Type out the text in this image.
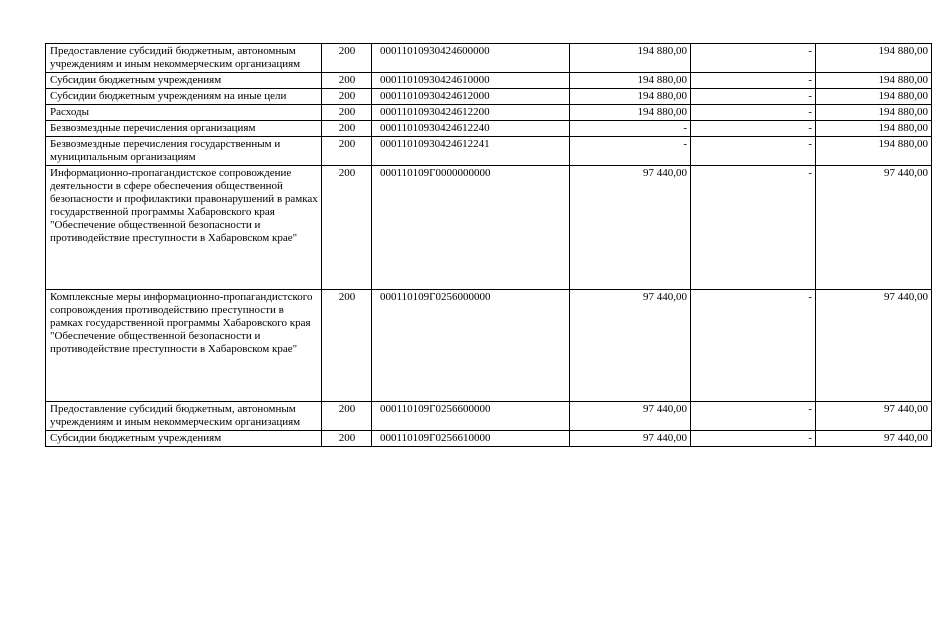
Предоставление субсидий бюджетным, автономным учреждениям и иным некоммерческим организациям	200	00011010930424600000	194 880,00	-	194 880,00
Субсидии бюджетным учреждениям	200	00011010930424610000	194 880,00	-	194 880,00
Субсидии бюджетным учреждениям на иные цели	200	00011010930424612000	194 880,00	-	194 880,00
Расходы	200	00011010930424612200	194 880,00	-	194 880,00
Безвозмездные перечисления организациям	200	00011010930424612240	-	-	194 880,00
Безвозмездные перечисления государственным и муниципальным организациям	200	00011010930424612241	-	-	194 880,00
Информационно-пропагандистское сопровождение деятельности в сфере обеспечения общественной безопасности и профилактики правонарушений в рамках государственной программы Хабаровского края "Обеспечение общественной безопасности и противодействие преступности в Хабаровском крае"	200	000110109Г0000000000	97 440,00	-	97 440,00
Комплексные меры информационно-пропагандистского сопровождения противодействию преступности в рамках государственной программы Хабаровского края "Обеспечение общественной безопасности и противодействие преступности в Хабаровском крае"	200	000110109Г0256000000	97 440,00	-	97 440,00
Предоставление субсидий бюджетным, автономным учреждениям и иным некоммерческим организациям	200	000110109Г0256600000	97 440,00	-	97 440,00
Субсидии бюджетным учреждениям	200	000110109Г0256610000	97 440,00	-	97 440,00
